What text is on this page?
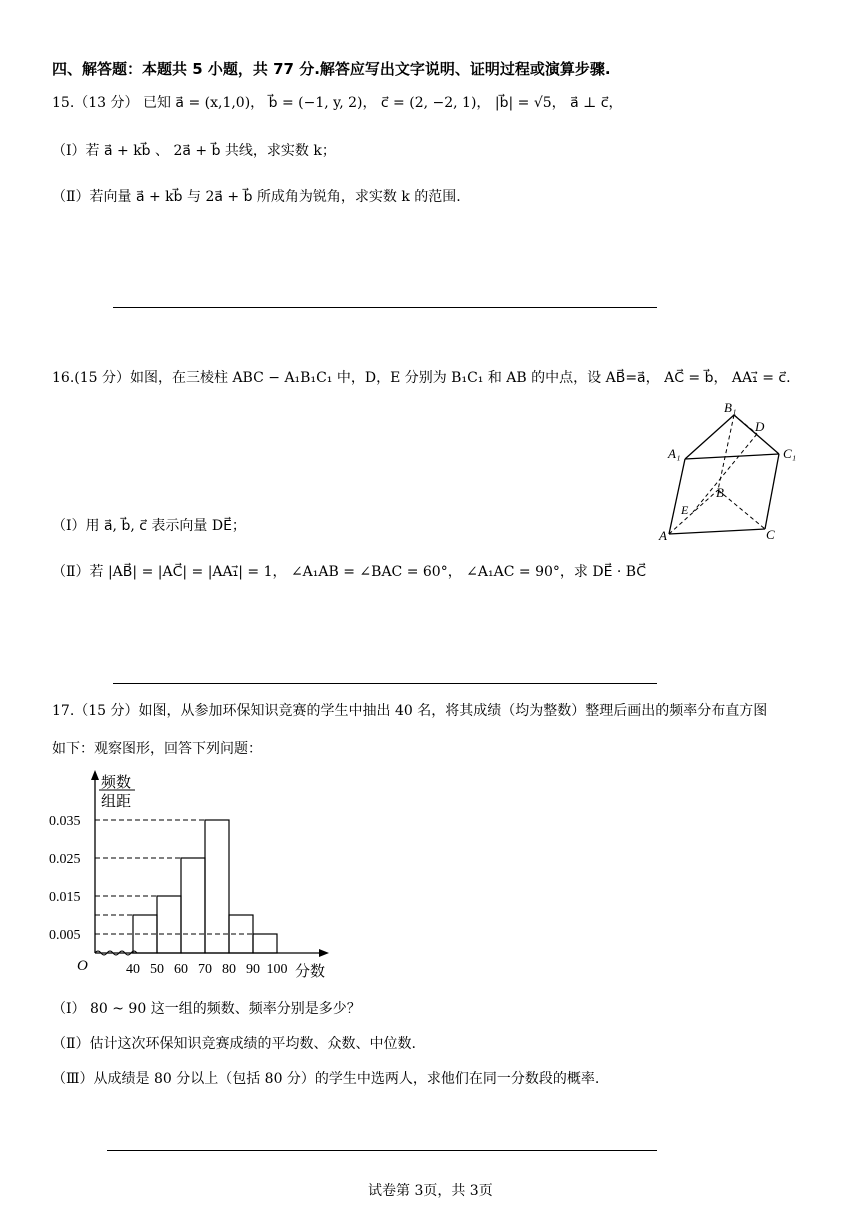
四、解答题：本题共 5 小题，共 77 分.解答应写出文字说明、证明过程或演算步骤.
15.（13 分） 已知 a⃗ = (x,1,0)， b⃗ = (−1, y, 2)， c⃗ = (2, −2, 1)， |b⃗| = √5， a⃗ ⊥ c⃗，
（Ⅰ）若 a⃗ + kb⃗ 、 2a⃗ + b⃗ 共线，求实数 k；
（Ⅱ）若向量 a⃗ + kb⃗ 与 2a⃗ + b⃗ 所成角为锐角，求实数 k 的范围.
16.(15 分）如图，在三棱柱 ABC − A₁B₁C₁ 中，D，E 分别为 B₁C₁ 和 AB 的中点，设 AB⃗=a⃗， AC⃗ = b⃗， AA₁⃗ = c⃗.
（Ⅰ）用 a⃗, b⃗, c⃗ 表示向量 DE⃗；
（Ⅱ）若 |AB⃗| = |AC⃗| = |AA₁⃗| = 1， ∠A₁AB = ∠BAC = 60°， ∠A₁AC = 90°，求 DE⃗ · BC⃗
B₁
D
A₁	C₁
B
E
A	C
17.（15 分）如图，从参加环保知识竞赛的学生中抽出 40 名，将其成绩（均为整数）整理后画出的频率分布直方图
如下：观察图形，回答下列问题：
频数
组距
O	分数
0.035
0.025
0.015
0.005
40 50 60 70 80 90 100
（Ⅰ） 80 ~ 90 这一组的频数、频率分别是多少？
（Ⅱ）估计这次环保知识竞赛成绩的平均数、众数、中位数.
（Ⅲ）从成绩是 80 分以上（包括 80 分）的学生中选两人，求他们在同一分数段的概率.
试卷第 3页，共 3页
